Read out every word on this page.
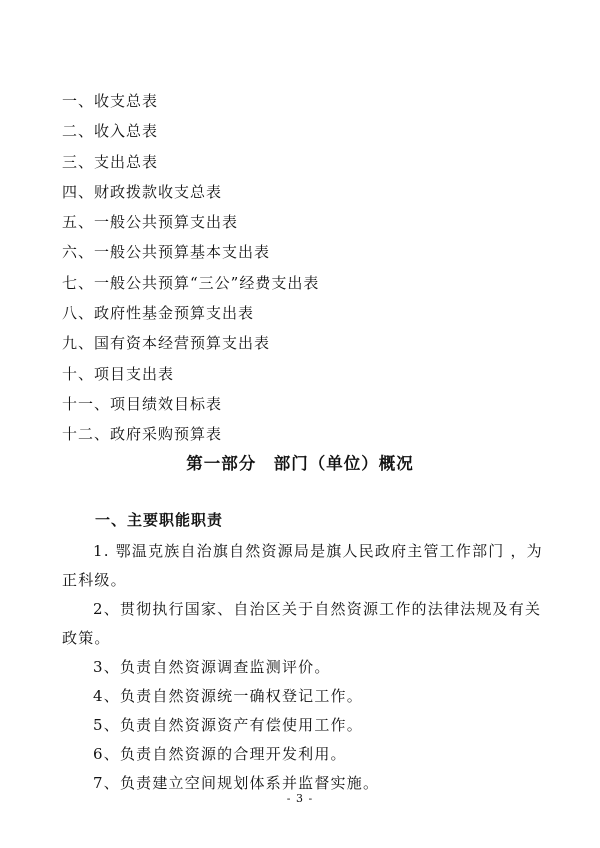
一、收支总表
二、收入总表
三、支出总表
四、财政拨款收支总表
五、一般公共预算支出表
六、一般公共预算基本支出表
七、一般公共预算“三公”经费支出表
八、政府性基金预算支出表
九、国有资本经营预算支出表
十、项目支出表
十一、项目绩效目标表
十二、政府采购预算表
第一部分　部门（单位）概况
一、主要职能职责

1. 鄂温克族自治旗自然资源局是旗人民政府主管工作部门 ，为正科级。

2、贯彻执行国家、自治区关于自然资源工作的法律法规及有关政策。

3、负责自然资源调查监测评价。

4、负责自然资源统一确权登记工作。

5、负责自然资源资产有偿使用工作。

6、负责自然资源的合理开发利用。

7、负责建立空间规划体系并监督实施。

- 3 -
